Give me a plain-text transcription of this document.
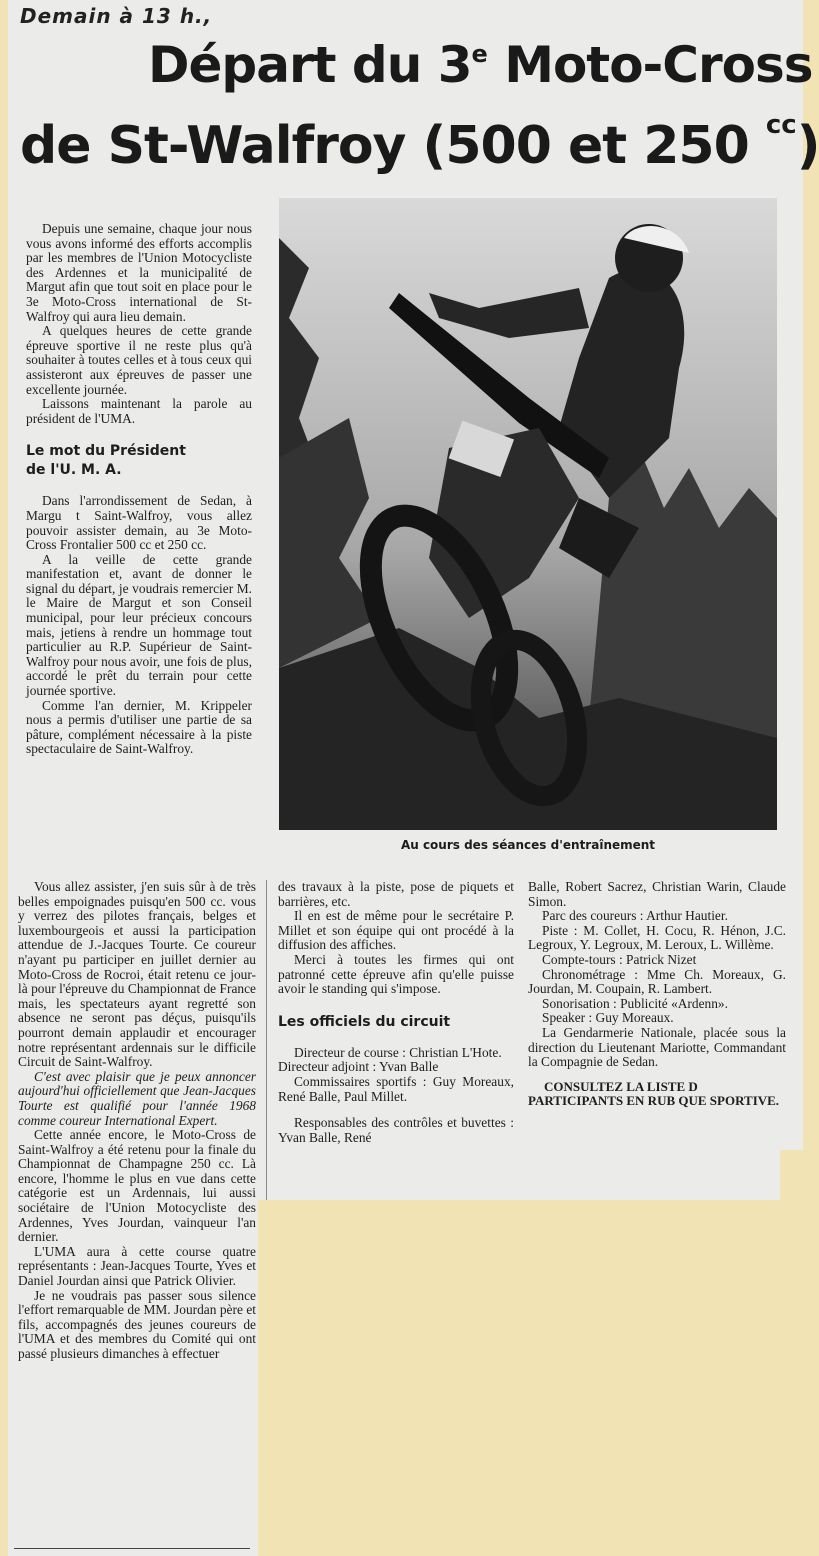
Demain à 13 h.,
Départ du 3e Moto-Cross
de St-Walfroy (500 et 250 $^{cc}$)

Depuis une semaine, chaque jour nous vous avons informé des efforts accomplis par les membres de l'Union Motocycliste des Ardennes et la municipalité de Margut afin que tout soit en place pour le 3e Moto-Cross international de St-Walfroy qui aura lieu demain.

A quelques heures de cette grande épreuve sportive il ne reste plus qu'à souhaiter à toutes celles et à tous ceux qui assisteront aux épreuves de passer une excellente journée.

Laissons maintenant la parole au président de l'UMA.

Le mot du Président
de l'U. M. A.

Dans l'arrondissement de Sedan, à Margu t Saint-Walfroy, vous allez pouvoir assister demain, au 3e Moto-Cross Frontalier 500 cc et 250 cc.

A la veille de cette grande manifestation et, avant de donner le signal du départ, je voudrais remercier M. le Maire de Margut et son Conseil municipal, pour leur précieux concours mais, jetiens à rendre un hommage tout particulier au R.P. Supérieur de Saint-Walfroy pour nous avoir, une fois de plus, accordé le prêt du terrain pour cette journée sportive.

Comme l'an dernier, M. Krippeler nous a permis d'utiliser une partie de sa pâture, complément nécessaire à la piste spectaculaire de Saint-Walfroy.

Au cours des séances d'entraînement

Vous allez assister, j'en suis sûr à de très belles empoignades puisqu'en 500 cc. vous y verrez des pilotes français, belges et luxembourgeois et aussi la participation attendue de J.-Jacques Tourte. Ce coureur n'ayant pu participer en juillet dernier au Moto-Cross de Rocroi, était retenu ce jour-là pour l'épreuve du Championnat de France mais, les spectateurs ayant regretté son absence ne seront pas déçus, puisqu'ils pourront demain applaudir et encourager notre représentant ardennais sur le difficile Circuit de Saint-Walfroy.

C'est avec plaisir que je peux annoncer aujourd'hui officiellement que Jean-Jacques Tourte est qualifié pour l'année 1968 comme coureur International Expert.

Cette année encore, le Moto-Cross de Saint-Walfroy a été retenu pour la finale du Championnat de Champagne 250 cc. Là encore, l'homme le plus en vue dans cette catégorie est un Ardennais, lui aussi sociétaire de l'Union Motocycliste des Ardennes, Yves Jourdan, vainqueur l'an dernier.

L'UMA aura à cette course quatre représentants : Jean-Jacques Tourte, Yves et Daniel Jourdan ainsi que Patrick Olivier.

Je ne voudrais pas passer sous silence l'effort remarquable de MM. Jourdan père et fils, accompagnés des jeunes coureurs de l'UMA et des membres du Comité qui ont passé plusieurs dimanches à effectuer

des travaux à la piste, pose de piquets et barrières, etc.

Il en est de même pour le secrétaire P. Millet et son équipe qui ont procédé à la diffusion des affiches.

Merci à toutes les firmes qui ont patronné cette épreuve afin qu'elle puisse avoir le standing qui s'impose.

Les officiels du circuit

Directeur de course : Christian L'Hote.

Directeur adjoint : Yvan Balle

Commissaires sportifs : Guy Moreaux, René Balle, Paul Millet.

Responsables des contrôles et buvettes : Yvan Balle, René

Balle, Robert Sacrez, Christian Warin, Claude Simon.

Parc des coureurs : Arthur Hautier.

Piste : M. Collet, H. Cocu, R. Hénon, J.C. Legroux, Y. Legroux, M. Leroux, L. Willème.

Compte-tours : Patrick Nizet

Chronométrage : Mme Ch. Moreaux, G. Jourdan, M. Coupain, R. Lambert.

Sonorisation : Publicité «Ardenn».

Speaker : Guy Moreaux.

La Gendarmerie Nationale, placée sous la direction du Lieutenant Mariotte, Commandant la Compagnie de Sedan.

CONSULTEZ LA LISTE D PARTICIPANTS EN RUB QUE SPORTIVE.
